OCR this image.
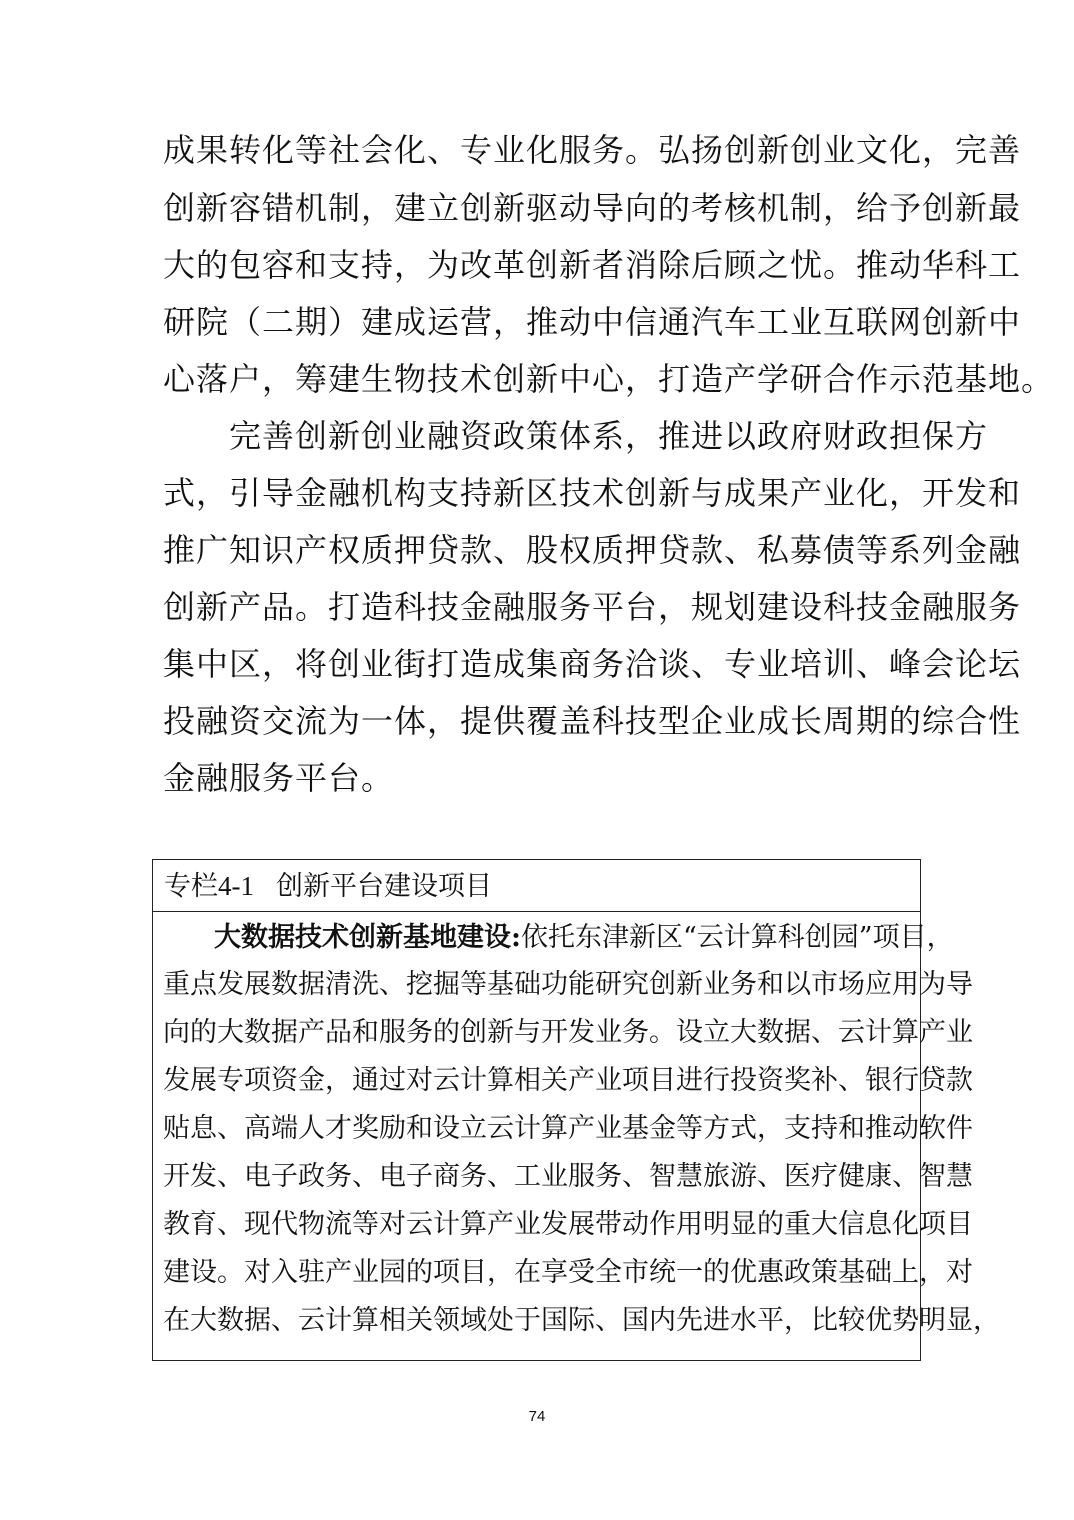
成果转化等社会化、专业化服务。弘扬创新创业文化，完善
创新容错机制，建立创新驱动导向的考核机制，给予创新最
大的包容和支持，为改革创新者消除后顾之忧。推动华科工
研院（二期）建成运营，推动中信通汽车工业互联网创新中
心落户，筹建生物技术创新中心，打造产学研合作示范基地。
　　完善创新创业融资政策体系，推进以政府财政担保方
式，引导金融机构支持新区技术创新与成果产业化，开发和
推广知识产权质押贷款、股权质押贷款、私募债等系列金融
创新产品。打造科技金融服务平台，规划建设科技金融服务
集中区，将创业街打造成集商务洽谈、专业培训、峰会论坛
投融资交流为一体，提供覆盖科技型企业成长周期的综合性
金融服务平台。
专栏4-1 创新平台建设项目
大数据技术创新基地建设:依托东津新区“云计算科创园”项目，
重点发展数据清洗、挖掘等基础功能研究创新业务和以市场应用为导
向的大数据产品和服务的创新与开发业务。设立大数据、云计算产业
发展专项资金，通过对云计算相关产业项目进行投资奖补、银行贷款
贴息、高端人才奖励和设立云计算产业基金等方式，支持和推动软件
开发、电子政务、电子商务、工业服务、智慧旅游、医疗健康、智慧
教育、现代物流等对云计算产业发展带动作用明显的重大信息化项目
建设。对入驻产业园的项目，在享受全市统一的优惠政策基础上，对
在大数据、云计算相关领域处于国际、国内先进水平，比较优势明显，
74
